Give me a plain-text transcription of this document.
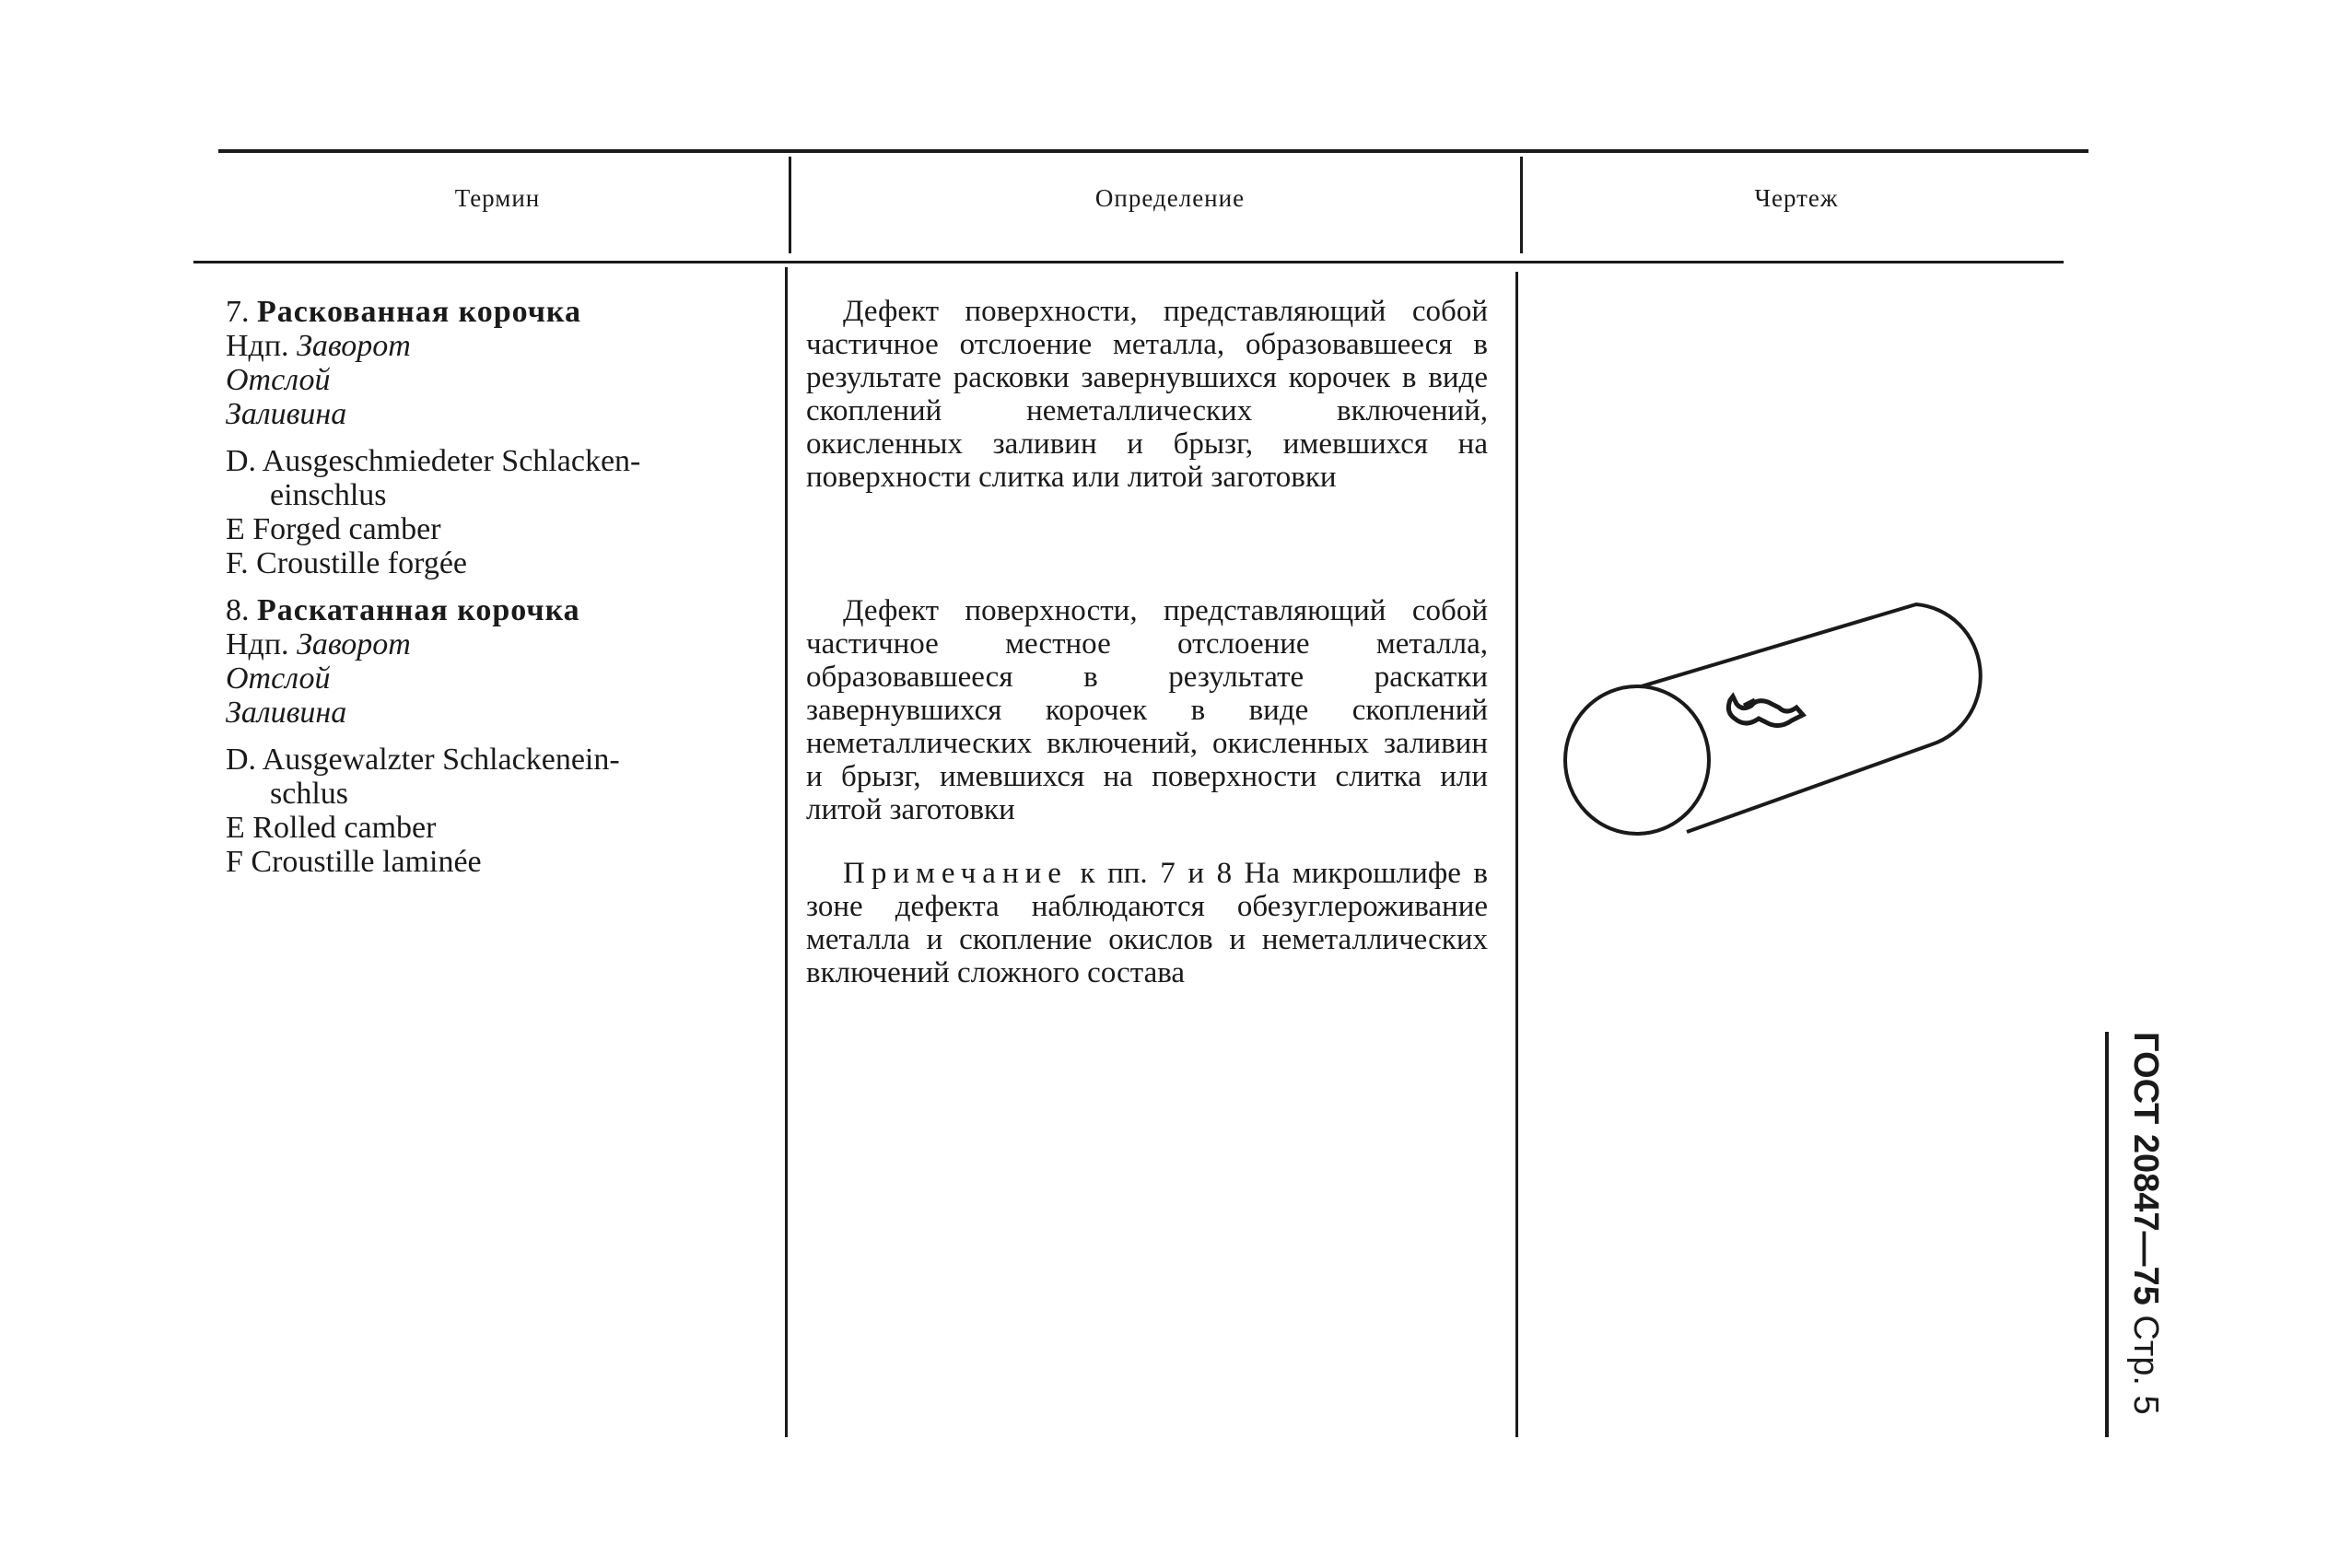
Термин	Определение	Чертеж
7. Раскованная корочка
Ндп. Заворот
Отслой
Заливина
D. Ausgeschmiedeter Schlacken-
einschlus
E Forged camber
F. Croustille forgée
8. Раскатанная корочка
Ндп. Заворот
Отслой
Заливина
D. Ausgewalzter Schlackenein-
schlus
E Rolled camber
F Croustille laminée
Дефект поверхности, представляющий собой частичное отслоение металла, образовавшееся в результате расковки завернувшихся корочек в виде скоплений неметаллических включений, окисленных заливин и брызг, имевшихся на поверхности слитка или литой заготовки
Дефект поверхности, представляющий собой частичное местное отслоение металла, образовавшееся в результате раскатки завернувшихся корочек в виде скоплений неметаллических включений, окисленных заливин и брызг, имевшихся на поверхности слитка или литой заготовки
Примечание к пп. 7 и 8 На микрошлифе в зоне дефекта наблюдаются обезуглероживание металла и скопление окислов и неметаллических включений сложного состава
ГОСТ 20847—75 Стр. 5
